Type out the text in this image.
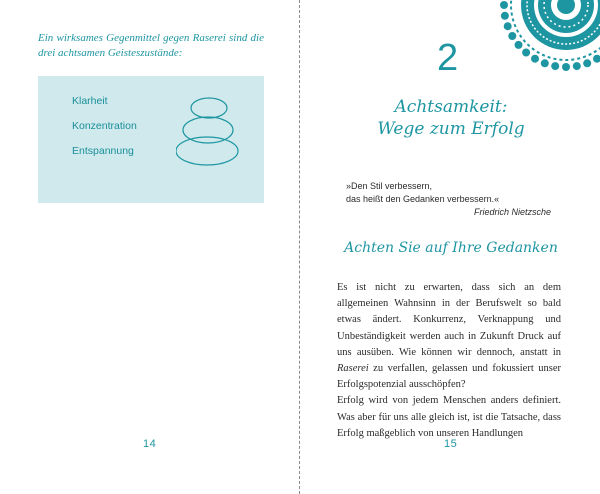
Ein wirksames Gegenmittel gegen Raserei sind die drei achtsamen Geisteszustände:
Klarheit
Konzentration
Entspannung
14
2
Achtsamkeit:
Wege zum Erfolg
»Den Stil verbessern,
das heißt den Gedanken verbessern.«
Friedrich Nietzsche
Achten Sie auf Ihre Gedanken

Es ist nicht zu erwarten, dass sich an dem allgemeinen Wahnsinn in der Berufswelt so bald etwas ändert. Konkurrenz, Verknappung und Unbeständigkeit werden auch in Zukunft Druck auf uns ausüben. Wie können wir dennoch, anstatt in Raserei zu verfallen, gelassen und fokussiert unser Erfolgspotenzial ausschöpfen?

Erfolg wird von jedem Menschen anders definiert. Was aber für uns alle gleich ist, ist die Tatsache, dass Erfolg maßgeblich von unseren Handlungen

15
